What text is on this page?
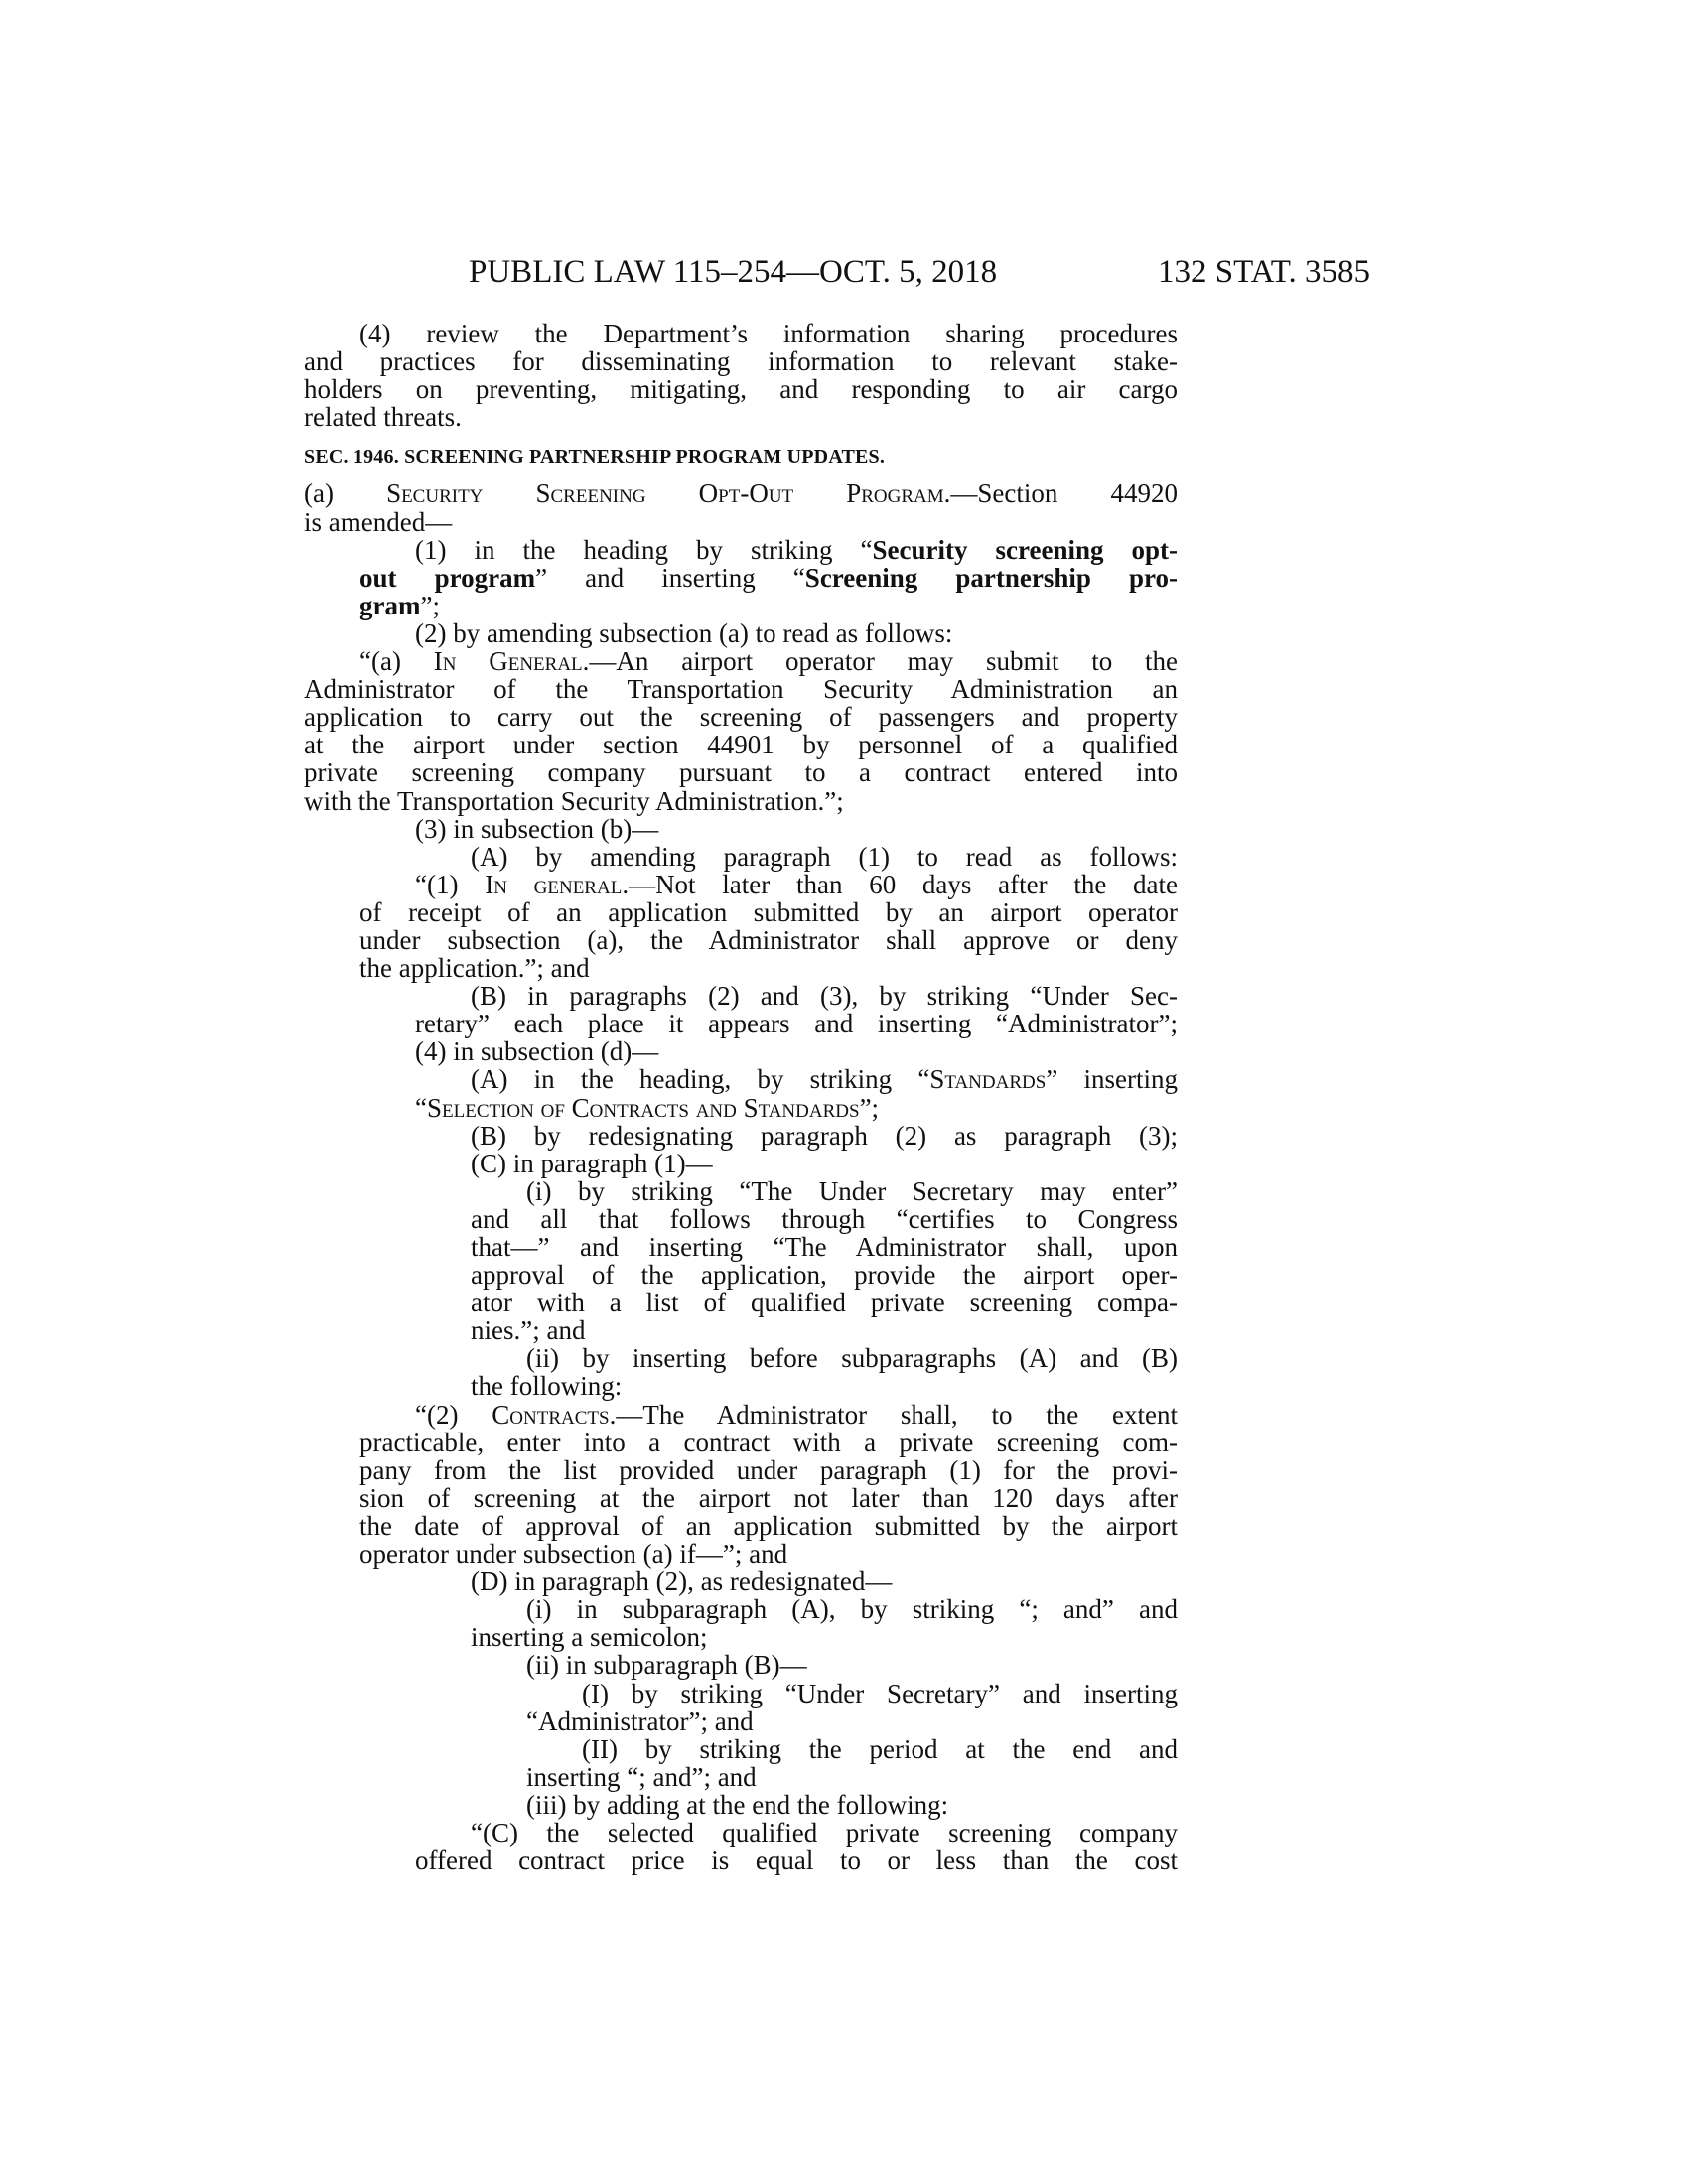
PUBLIC LAW 115–254—OCT. 5, 2018	132 STAT. 3585
(4) review the Department’s information sharing procedures
and practices for disseminating information to relevant stake-
holders on preventing, mitigating, and responding to air cargo
related threats.
SEC. 1946. SCREENING PARTNERSHIP PROGRAM UPDATES.
(a) Security Screening Opt-Out Program.—Section 44920
is amended—
(1) in the heading by striking “Security screening opt-
out program” and inserting “Screening partnership pro-
gram”;
(2) by amending subsection (a) to read as follows:
“(a) In General.—An airport operator may submit to the
Administrator of the Transportation Security Administration an
application to carry out the screening of passengers and property
at the airport under section 44901 by personnel of a qualified
private screening company pursuant to a contract entered into
with the Transportation Security Administration.”;
(3) in subsection (b)—
(A) by amending paragraph (1) to read as follows:
“(1) In general.—Not later than 60 days after the date
of receipt of an application submitted by an airport operator
under subsection (a), the Administrator shall approve or deny
the application.”; and
(B) in paragraphs (2) and (3), by striking “Under Sec-
retary” each place it appears and inserting “Administrator”;
(4) in subsection (d)—
(A) in the heading, by striking “Standards” inserting
“Selection of Contracts and Standards”;
(B) by redesignating paragraph (2) as paragraph (3);
(C) in paragraph (1)—
(i) by striking “The Under Secretary may enter”
and all that follows through “certifies to Congress
that—” and inserting “The Administrator shall, upon
approval of the application, provide the airport oper-
ator with a list of qualified private screening compa-
nies.”; and
(ii) by inserting before subparagraphs (A) and (B)
the following:
“(2) Contracts.—The Administrator shall, to the extent
practicable, enter into a contract with a private screening com-
pany from the list provided under paragraph (1) for the provi-
sion of screening at the airport not later than 120 days after
the date of approval of an application submitted by the airport
operator under subsection (a) if—”; and
(D) in paragraph (2), as redesignated—
(i) in subparagraph (A), by striking “; and” and
inserting a semicolon;
(ii) in subparagraph (B)—
(I) by striking “Under Secretary” and inserting
“Administrator”; and
(II) by striking the period at the end and
inserting “; and”; and
(iii) by adding at the end the following:
“(C) the selected qualified private screening company
offered contract price is equal to or less than the cost
